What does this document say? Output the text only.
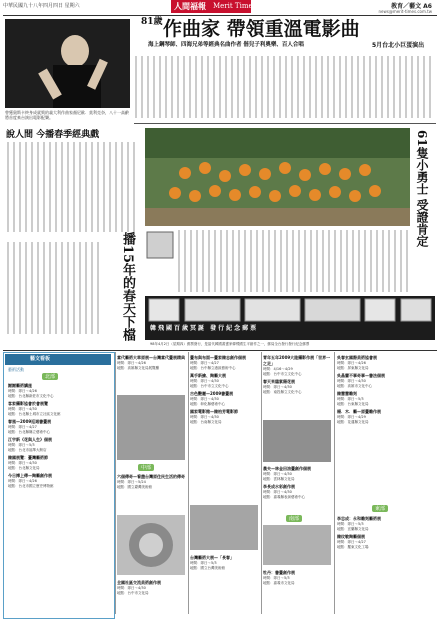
中華民國九十八年四月四日 星期六	人間福報	Merit Times	教育／藝文 A6
news@merit-times.com.tw
曾獲奧斯卡終身成就獎的義大利作曲家顏尼歐．莫利克奈，八十一高齡將首度來台演出電影配樂。
81歲 作曲家 帶領重溫電影曲
海上鋼琴師、四海兄弟等經典名曲作者 偕兒子利奧樂、百人合唱	5月台北小巨蛋演出
說人間 今播春季經典戲
播15年的春天下檔
61隻小勇士 受證肯定
韓飛國百歲冥誕 發行紀念郵票
98年4月2日（星期四）郵票發行，是當代韓國書畫家韓飛國生平創作之一，郵局全台發行發行紀念郵票
藝文看板
藝術活動
北部
謝謝藝術講座
時間：即日～4/26
地點：台北縣新莊市文化中心
客家攝影協會於會展覽
時間：即日～4/30
地點：台北縣土城市立社區文化館
春風—2009巡迴書畫展
時間：即日～4/27
地點：台北縣縣立藝術中心
江宇新《花與人生》個展
時間：即日～5/3
地點：台北市福華大飯店
陳國展覽：臺灣藝術節
時間：即日～4/30
地點：台北縣文化局
今日搏上傳—陶藝創作展
時間：即日～4/26
地點：台北市國立歷史博物館
當代藝術大草原展—台灣當代畫展精典
時間：即日～4/26
地點：高雄縣文化局展覽廳
中部
六個傳奇—看盡台灣原住民生活的傳奇
時間：即日～5/24
地點：國立臺灣美術館
全國社區交流美術創作展
時間：即日～4/30
地點：台中市文化局
畫布與布面—畫家陳志創作個展
時間：即日～4/27
地點：台中縣立港區藝術中心
萬手新繪、陶藝大展
時間：即日～4/30
地點：台中市立文化中心
古色艷麗—2009書畫展
時間：即日～4/30
地點：彰化縣藝術中心
國家電影館—陳柏芳電影節
時間：即日～4/30
地點：台南縣文化局
台灣藝術大展—「長春」
時間：即日～5/3
地點：國立台灣美術館
青年五年2009大陸攝影作展「世界一之足」
時間：4/16～4/29
地點：台中市立文化中心
春天來臨紫陽花展
時間：即日～4/30
地點：南投縣立文化中心
農夫—林金田油畫創作個展
時間：即日～4/30
地點：雲林縣文化局
李長成水彩創作展
時間：即日～4/30
地點：嘉義縣表演藝術中心
南部
牡丹：書畫創作展
時間：即日～5/3
地點：嘉義市文化局
吳春玄國際美術協會展
時間：即日～4/26
地點：屏東縣文化局
吳晶蘭不事奇事—書法個展
時間：即日～4/30
地點：高雄市文化中心
陳慧慧雕刻
時間：即日～5/3
地點：台東縣文化局
楊．木．藝—原畫雕作展
時間：即日～4/29
地點：花蓮縣文化局
東部
李忠成：永和雕刻藝術展
時間：即日～5/3
地點：宜蘭縣文化局
陳玟敏陶藝個展
時間：即日～4/27
地點：羅東文化工場
